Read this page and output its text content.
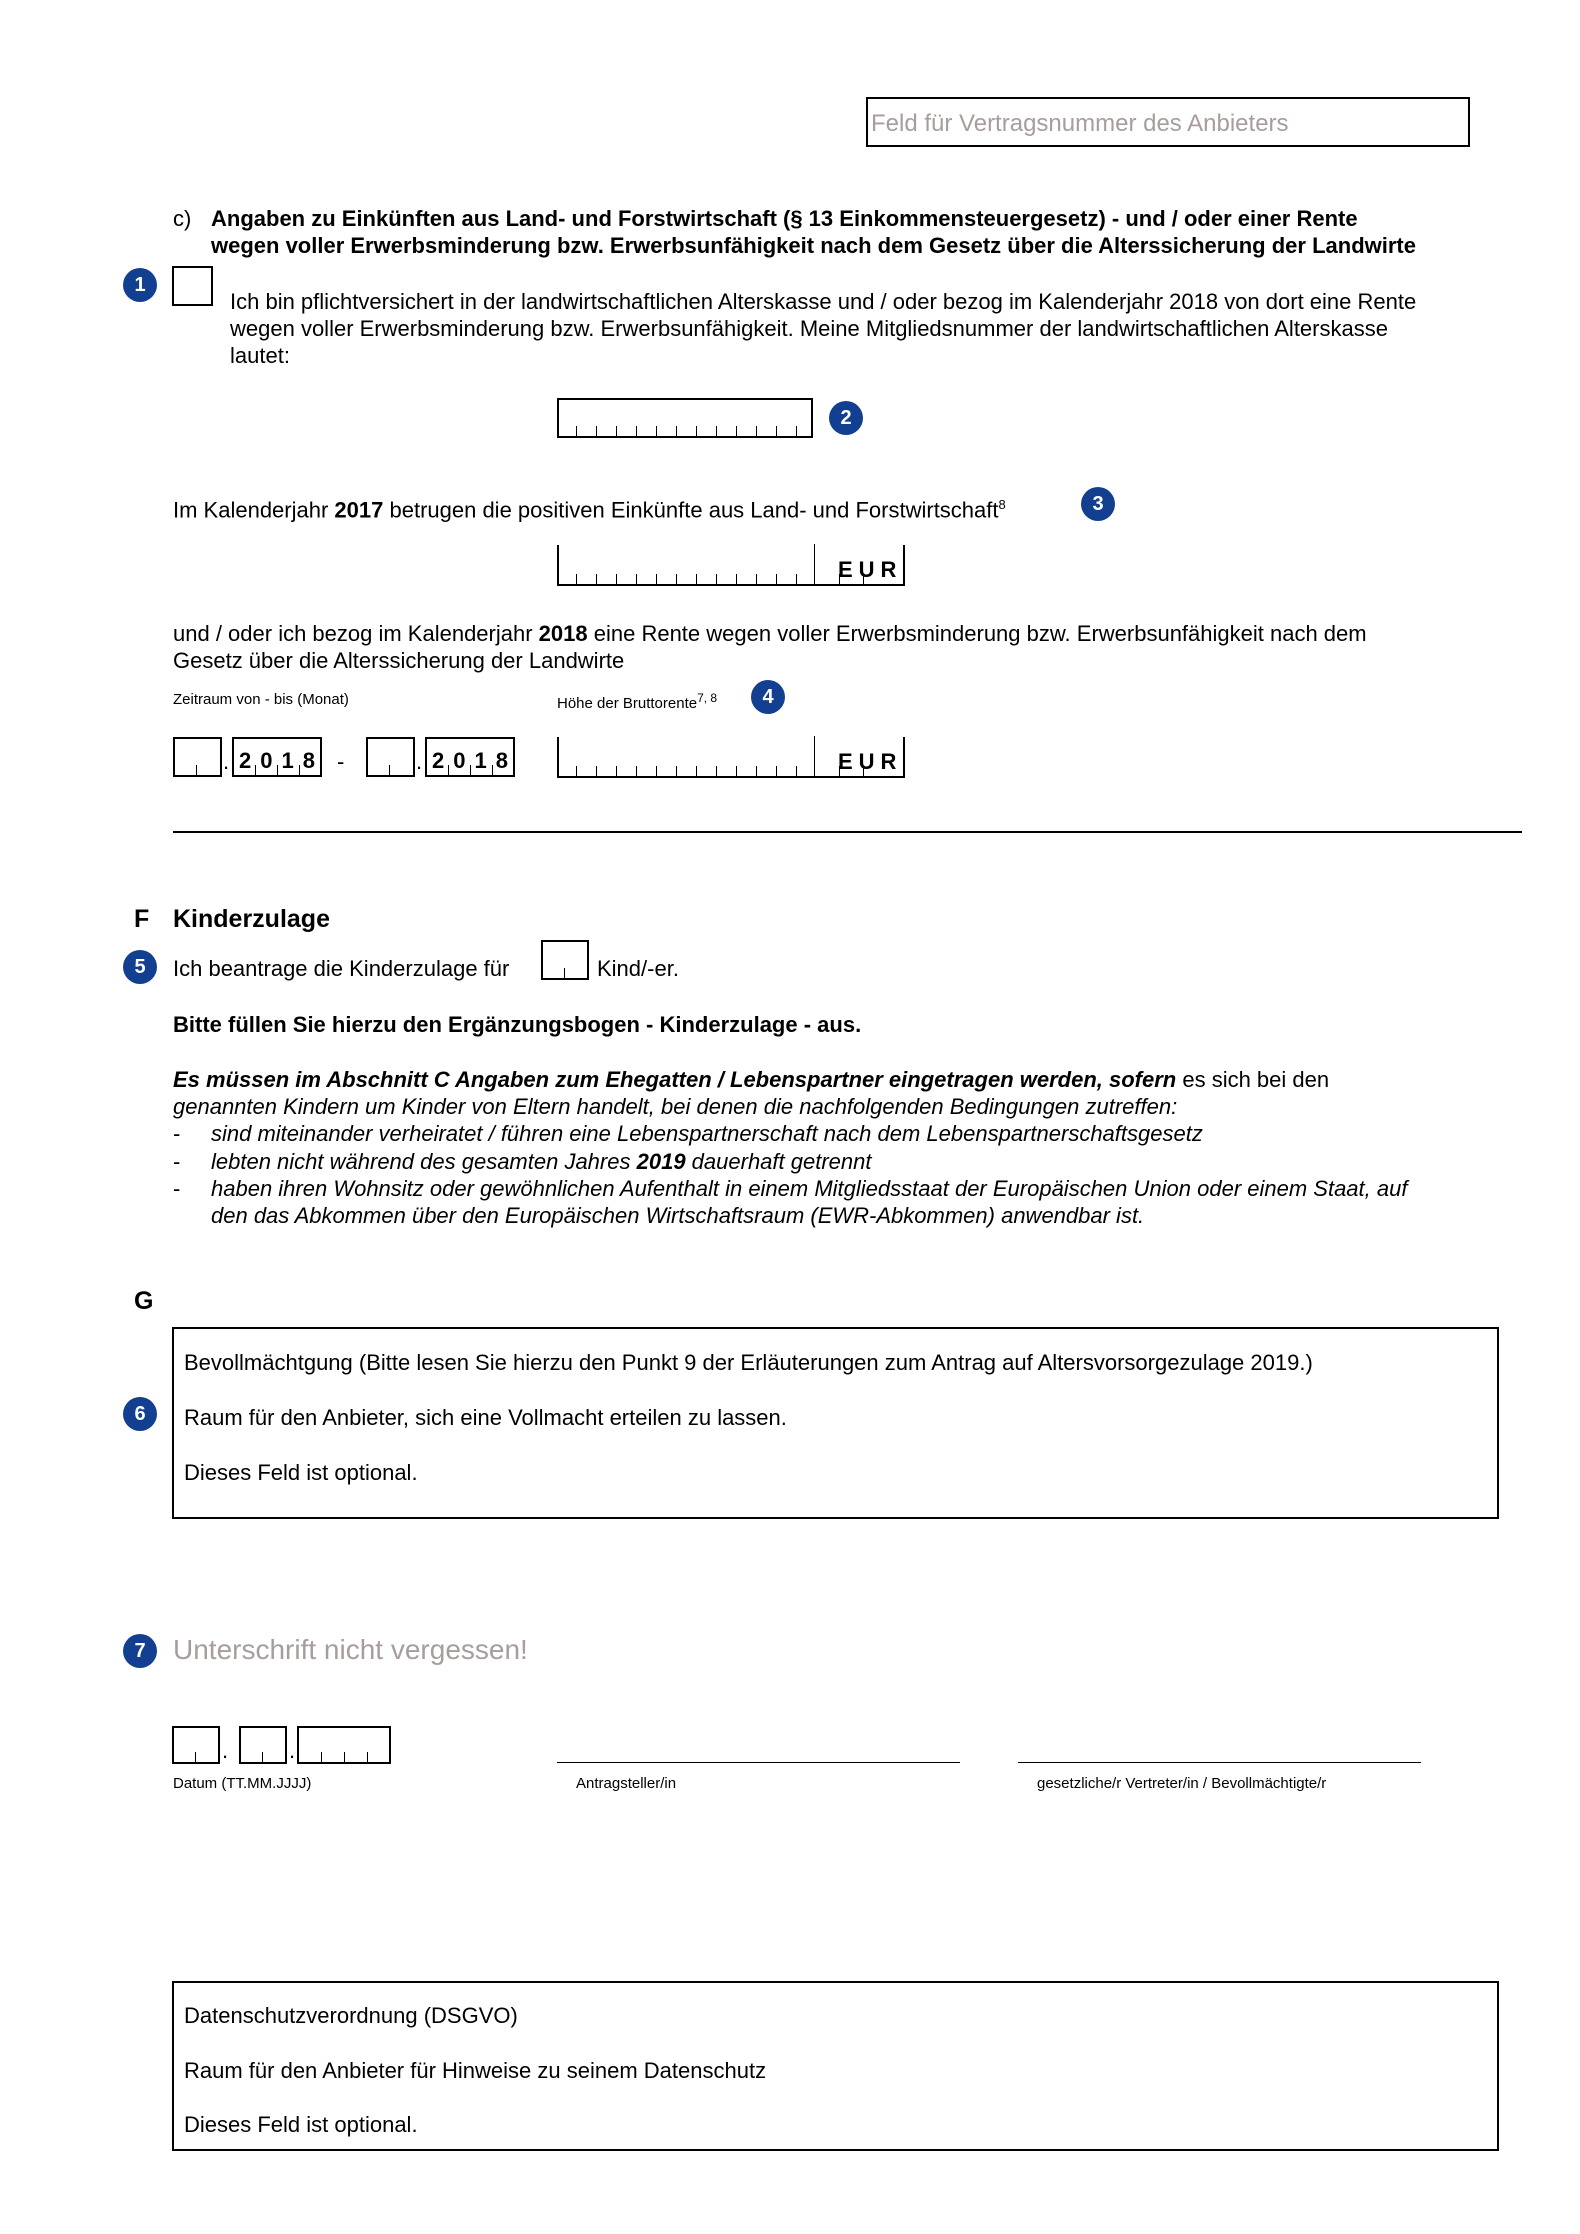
Feld für Vertragsnummer des Anbieters
c) Angaben zu Einkünften aus Land- und Forstwirtschaft (§ 13 Einkommensteuergesetz) - und / oder einer Rente
wegen voller Erwerbsminderung bzw. Erwerbsunfähigkeit nach dem Gesetz über die Alterssicherung der Landwirte
1
Ich bin pflichtversichert in der landwirtschaftlichen Alterskasse und / oder bezog im Kalenderjahr 2018 von dort eine Rente
wegen voller Erwerbsminderung bzw. Erwerbsunfähigkeit. Meine Mitgliedsnummer der landwirtschaftlichen Alterskasse
lautet:
2
Im Kalenderjahr 2017 betrugen die positiven Einkünfte aus Land- und Forstwirtschaft$^8$	3
EUR
und / oder ich bezog im Kalenderjahr 2018 eine Rente wegen voller Erwerbsminderung bzw. Erwerbsunfähigkeit nach dem
Gesetz über die Alterssicherung der Landwirte
Zeitraum von - bis (Monat)	Höhe der Bruttorente$^{7, 8}$	4
. 2018 -	. 2018	EUR
F Kinderzulage
5	Ich beantrage die Kinderzulage für	Kind/-er.
Bitte füllen Sie hierzu den Ergänzungsbogen - Kinderzulage - aus.
Es müssen im Abschnitt C Angaben zum Ehegatten / Lebenspartner eingetragen werden, sofern es sich bei den
genannten Kindern um Kinder von Eltern handelt, bei denen die nachfolgenden Bedingungen zutreffen:
- sind miteinander verheiratet / führen eine Lebenspartnerschaft nach dem Lebenspartnerschaftsgesetz
- lebten nicht während des gesamten Jahres 2019 dauerhaft getrennt
- haben ihren Wohnsitz oder gewöhnlichen Aufenthalt in einem Mitgliedsstaat der Europäischen Union oder einem Staat, auf
den das Abkommen über den Europäischen Wirtschaftsraum (EWR-Abkommen) anwendbar ist.
G
Bevollmächtgung (Bitte lesen Sie hierzu den Punkt 9 der Erläuterungen zum Antrag auf Altersvorsorgezulage 2019.)
Raum für den Anbieter, sich eine Vollmacht erteilen zu lassen.
Dieses Feld ist optional.
6
7 Unterschrift nicht vergessen!
.	.
Datum (TT.MM.JJJJ)	Antragsteller/in	gesetzliche/r Vertreter/in / Bevollmächtigte/r
Datenschutzverordnung (DSGVO)
Raum für den Anbieter für Hinweise zu seinem Datenschutz
Dieses Feld ist optional.
